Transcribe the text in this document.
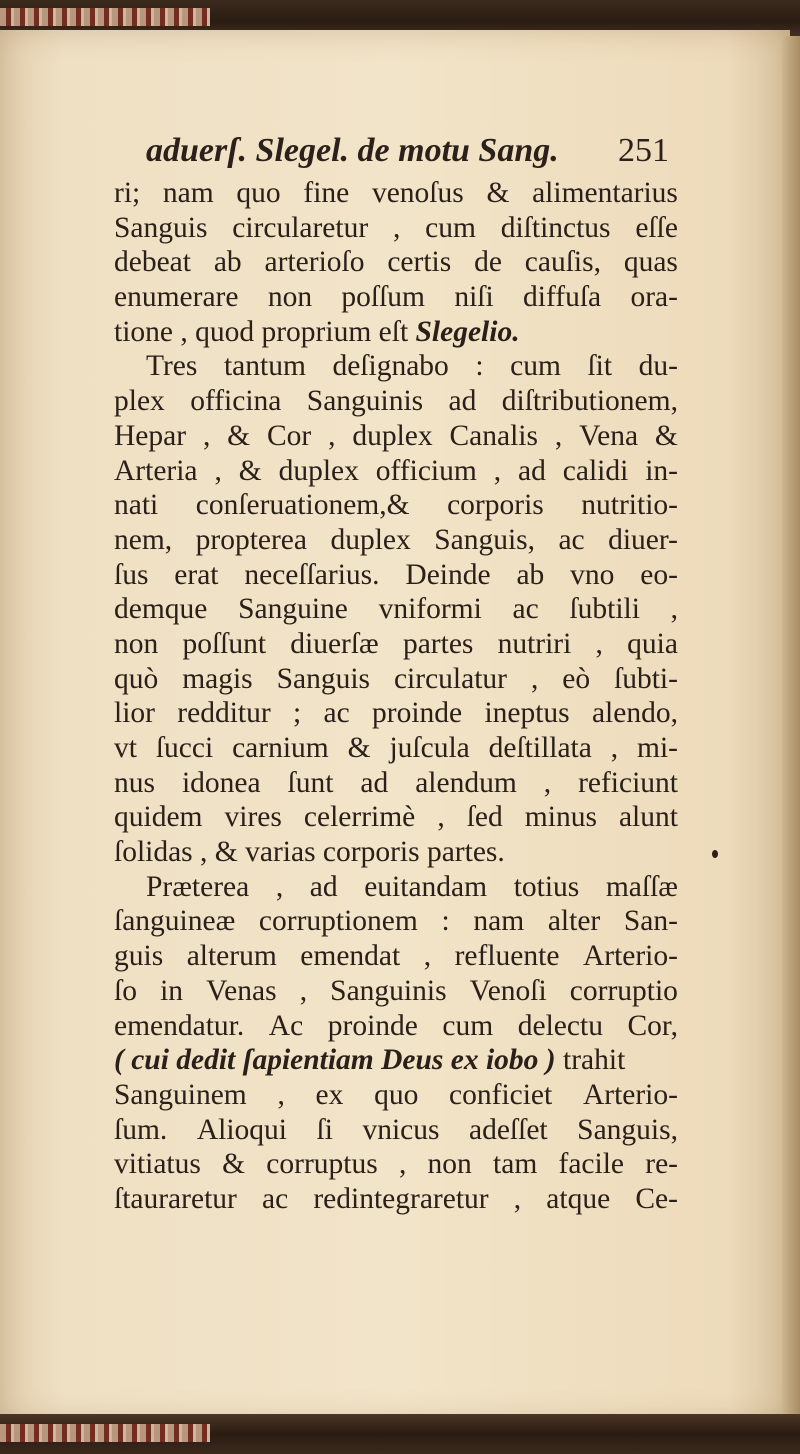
aduerſ. Slegel. de motu Sang.	251
ri; nam quo fine venoſus & alimentarius
Sanguis circularetur , cum diſtinctus eſſe
debeat ab arterioſo certis de cauſis, quas
enumerare non poſſum niſi diffuſa ora-
tione , quod proprium eſt Slegelio.
Tres tantum deſignabo : cum ſit du-
plex officina Sanguinis ad diſtributionem,
Hepar , & Cor , duplex Canalis , Vena &
Arteria , & duplex officium , ad calidi in-
nati conſeruationem,& corporis nutritio-
nem, propterea duplex Sanguis, ac diuer-
ſus erat neceſſarius. Deinde ab vno eo-
demque Sanguine vniformi ac ſubtili ,
non poſſunt diuerſæ partes nutriri , quia
quò magis Sanguis circulatur , eò ſubti-
lior redditur ; ac proinde ineptus alendo,
vt ſucci carnium & juſcula deſtillata , mi-
nus idonea ſunt ad alendum , reficiunt
quidem vires celerrimè , ſed minus alunt
ſolidas , & varias corporis partes.
Præterea , ad euitandam totius maſſæ
ſanguineæ corruptionem : nam alter San-
guis alterum emendat , refluente Arterio-
ſo in Venas , Sanguinis Venoſi corruptio
emendatur. Ac proinde cum delectu Cor,
( cui dedit ſapientiam Deus ex iobo ) trahit
Sanguinem , ex quo conficiet Arterio-
ſum. Alioqui ſi vnicus adeſſet Sanguis,
vitiatus & corruptus , non tam facile re-
ſtauraretur ac redintegraretur , atque Ce-
